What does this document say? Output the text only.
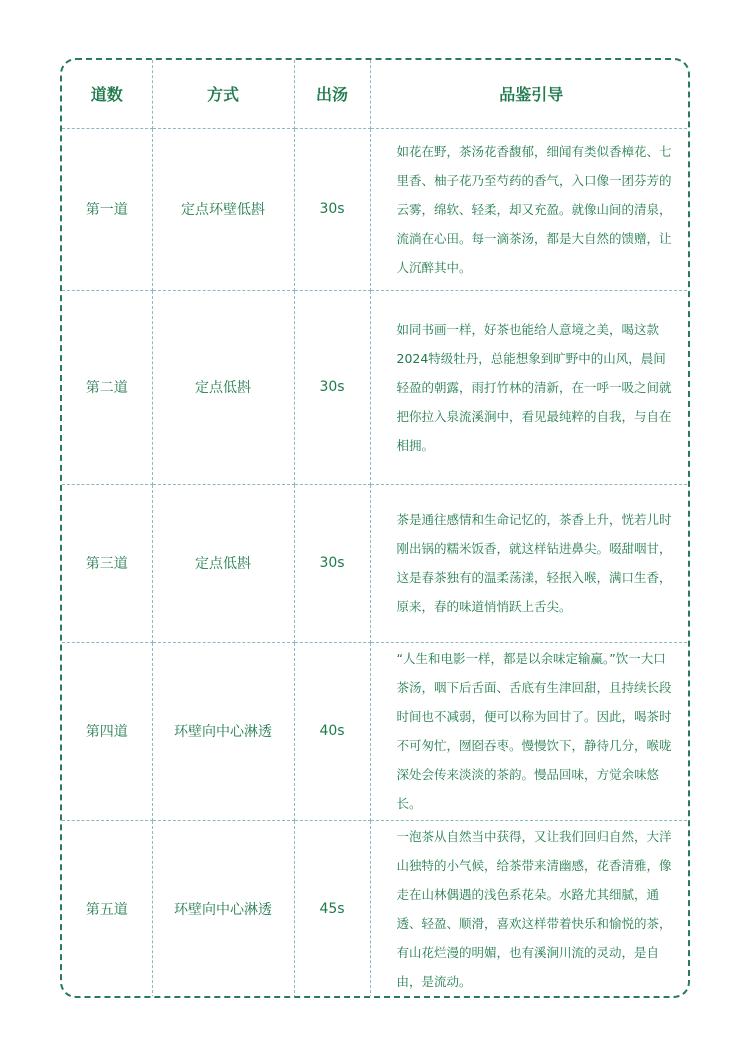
道数	方式	出汤	品鉴引导
第一道	定点环壁低斟	30s	如花在野，茶汤花香馥郁，细闻有类似香樟花、七里香、柚子花乃至芍药的香气，入口像一团芬芳的云雾，绵软、轻柔，却又充盈。就像山间的清泉，流淌在心田。每一滴茶汤，都是大自然的馈赠，让人沉醉其中。

第二道	定点低斟	30s	如同书画一样，好茶也能给人意境之美，喝这款2024特级牡丹，总能想象到旷野中的山风，晨间轻盈的朝露，雨打竹林的清新，在一呼一吸之间就把你拉入泉流溪涧中，看见最纯粹的自我，与自在相拥。

第三道	定点低斟	30s	茶是通往感情和生命记忆的，茶香上升，恍若儿时刚出锅的糯米饭香，就这样钻进鼻尖。啜甜咽甘，这是春茶独有的温柔荡漾，轻抿入喉，满口生香，原来，春的味道悄悄跃上舌尖。

第四道	环壁向中心淋透	40s	“人生和电影一样，都是以余味定输赢。”饮一大口茶汤，咽下后舌面、舌底有生津回甜，且持续长段时间也不减弱，便可以称为回甘了。因此，喝茶时不可匆忙，囫囵吞枣。慢慢饮下，静待几分，喉咙深处会传来淡淡的茶韵。慢品回味，方觉余味悠长。

第五道	环壁向中心淋透	45s	一泡茶从自然当中获得，又让我们回归自然，大洋山独特的小气候，给茶带来清幽感，花香清雅，像走在山林偶遇的浅色系花朵。水路尤其细腻，通透、轻盈、顺滑，喜欢这样带着快乐和愉悦的茶，有山花烂漫的明媚，也有溪涧川流的灵动，是自由，是流动。
